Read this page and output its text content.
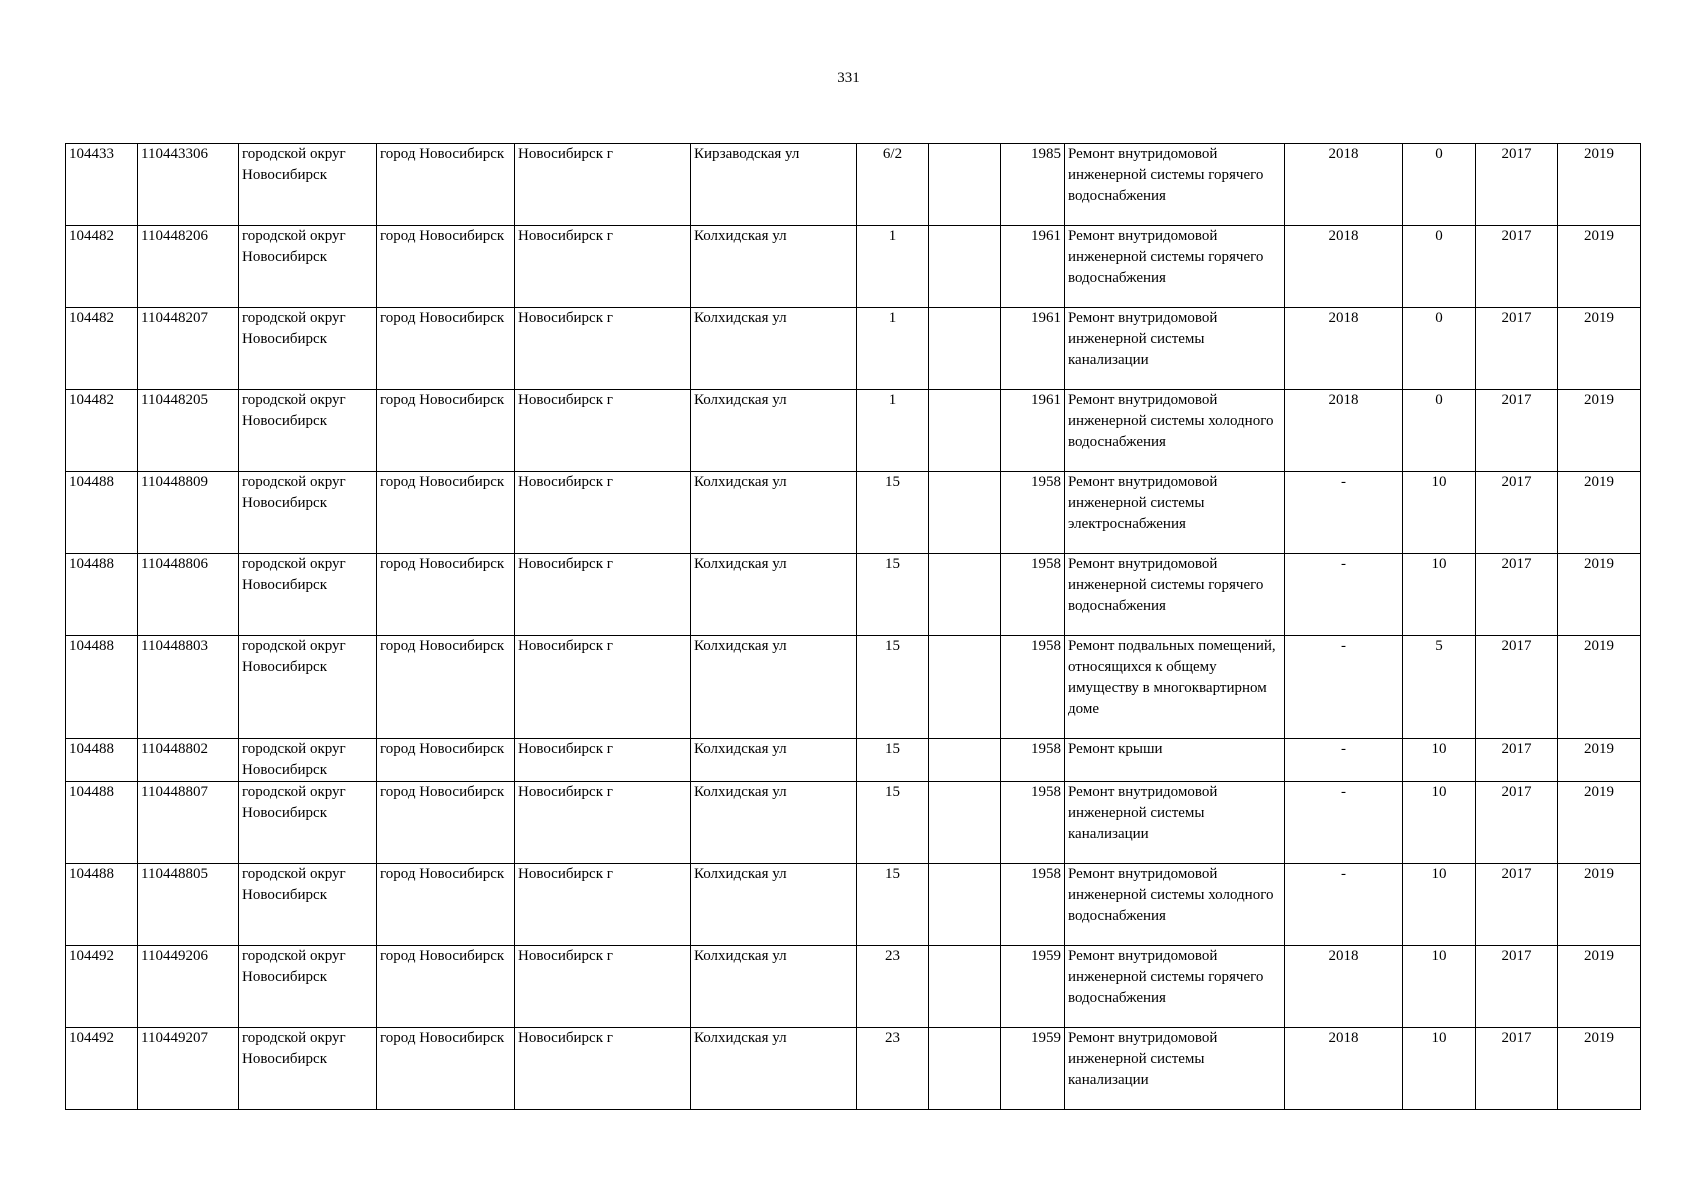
331
104433	110443306	городской округ Новосибирск	город Новосибирск	Новосибирск г	Кирзаводская ул	6/2		1985	Ремонт внутридомовой инженерной системы горячего водоснабжения	2018	0	2017	2019
104482	110448206	городской округ Новосибирск	город Новосибирск	Новосибирск г	Колхидская ул	1		1961	Ремонт внутридомовой инженерной системы горячего водоснабжения	2018	0	2017	2019
104482	110448207	городской округ Новосибирск	город Новосибирск	Новосибирск г	Колхидская ул	1		1961	Ремонт внутридомовой инженерной системы канализации	2018	0	2017	2019
104482	110448205	городской округ Новосибирск	город Новосибирск	Новосибирск г	Колхидская ул	1		1961	Ремонт внутридомовой инженерной системы холодного водоснабжения	2018	0	2017	2019
104488	110448809	городской округ Новосибирск	город Новосибирск	Новосибирск г	Колхидская ул	15		1958	Ремонт внутридомовой инженерной системы электроснабжения	-	10	2017	2019
104488	110448806	городской округ Новосибирск	город Новосибирск	Новосибирск г	Колхидская ул	15		1958	Ремонт внутридомовой инженерной системы горячего водоснабжения	-	10	2017	2019
104488	110448803	городской округ Новосибирск	город Новосибирск	Новосибирск г	Колхидская ул	15		1958	Ремонт подвальных помещений, относящихся к общему имуществу в многоквартирном доме	-	5	2017	2019
104488	110448802	городской округ Новосибирск	город Новосибирск	Новосибирск г	Колхидская ул	15		1958	Ремонт крыши	-	10	2017	2019
104488	110448807	городской округ Новосибирск	город Новосибирск	Новосибирск г	Колхидская ул	15		1958	Ремонт внутридомовой инженерной системы канализации	-	10	2017	2019
104488	110448805	городской округ Новосибирск	город Новосибирск	Новосибирск г	Колхидская ул	15		1958	Ремонт внутридомовой инженерной системы холодного водоснабжения	-	10	2017	2019
104492	110449206	городской округ Новосибирск	город Новосибирск	Новосибирск г	Колхидская ул	23		1959	Ремонт внутридомовой инженерной системы горячего водоснабжения	2018	10	2017	2019
104492	110449207	городской округ Новосибирск	город Новосибирск	Новосибирск г	Колхидская ул	23		1959	Ремонт внутридомовой инженерной системы канализации	2018	10	2017	2019
